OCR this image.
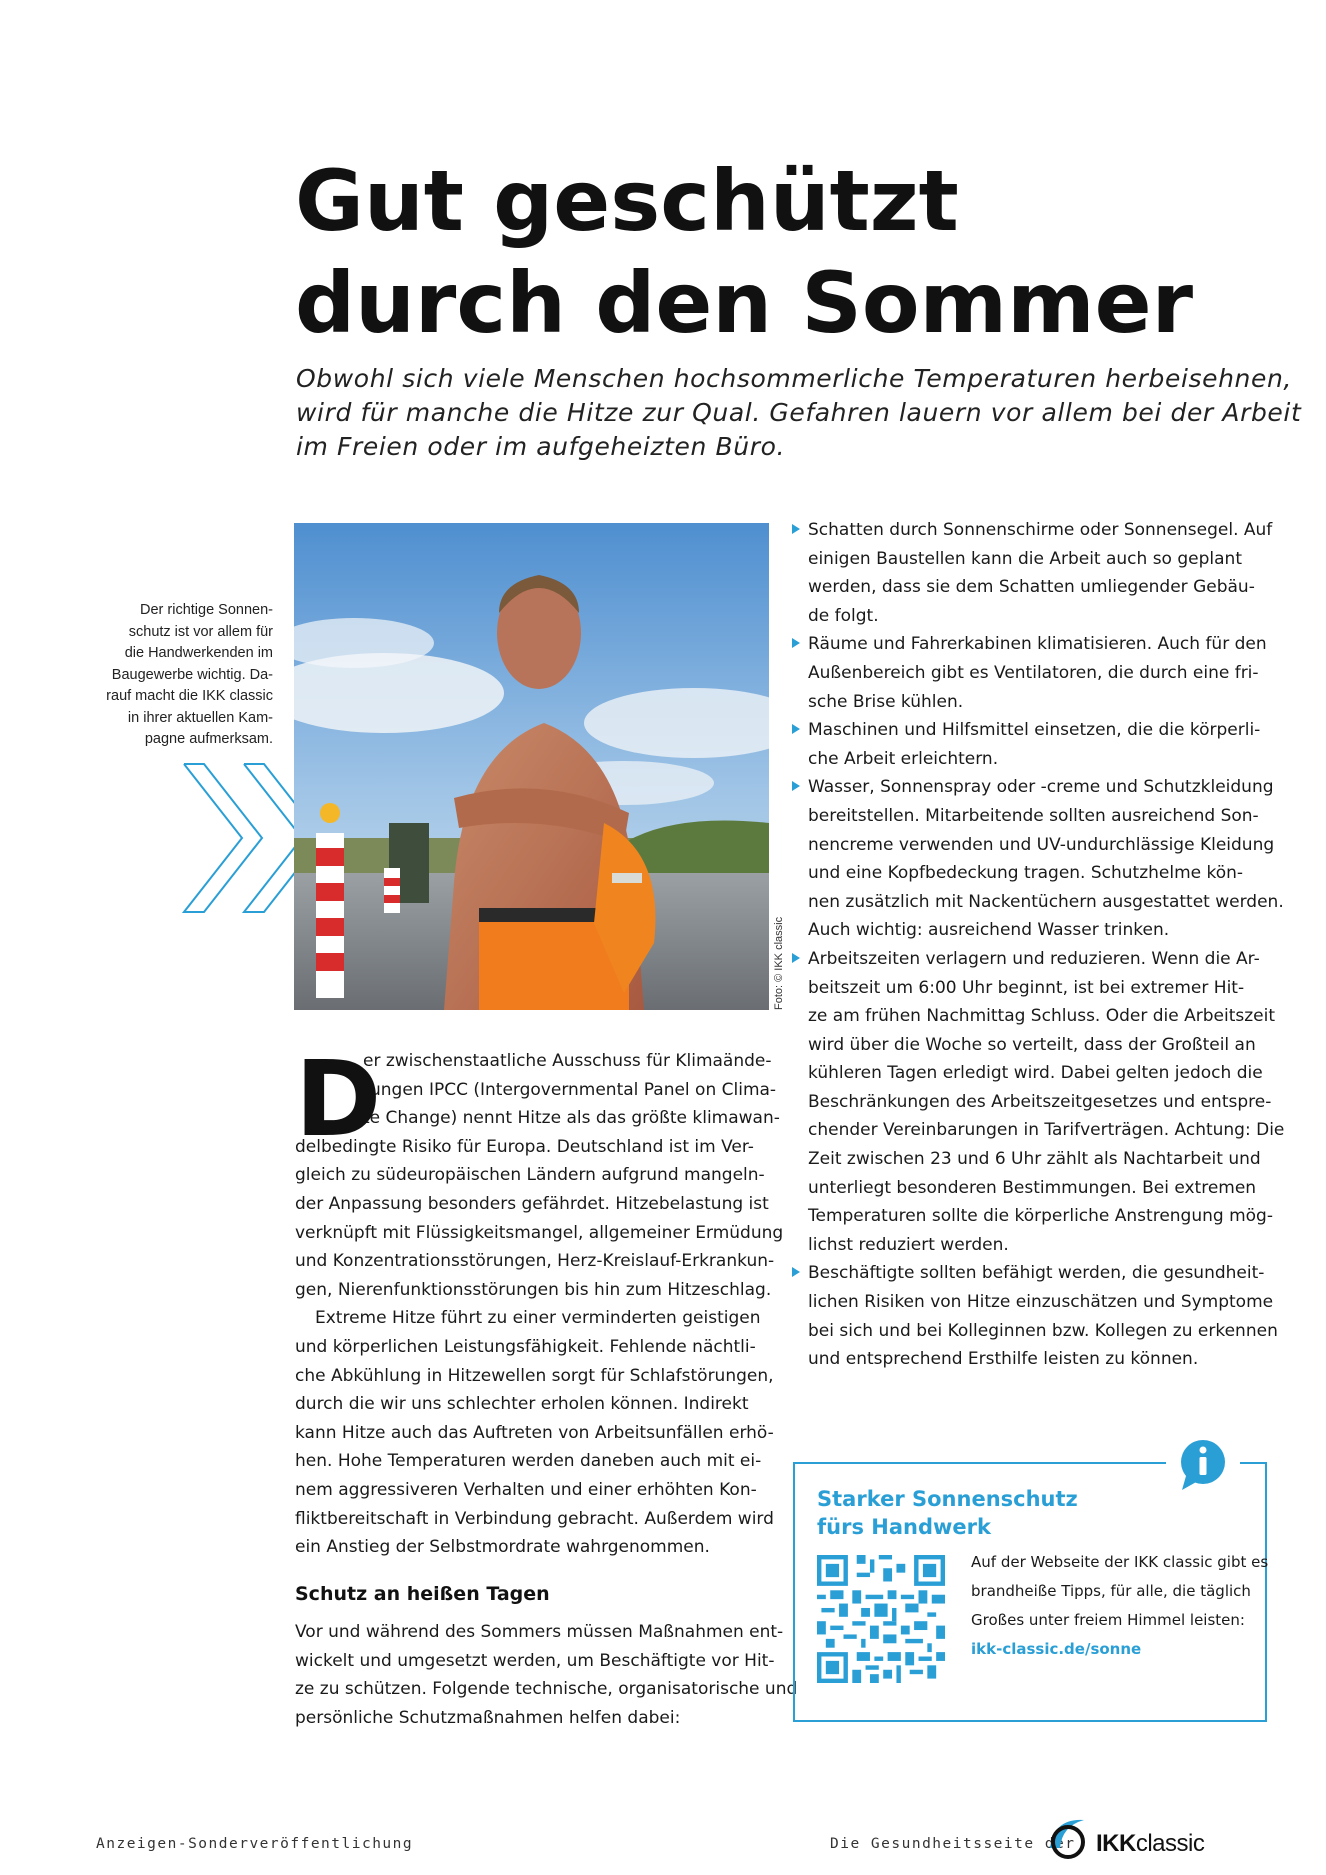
Gut geschützt
durch den Sommer
Obwohl sich viele Menschen hochsommerliche Temperaturen herbeisehnen,
wird für manche die Hitze zur Qual. Gefahren lauern vor allem bei der Arbeit
im Freien oder im aufgeheizten Büro.
Der richtige Sonnen-
schutz ist vor allem für
die Handwerkenden im
Baugewerbe wichtig. Da-
rauf macht die IKK classic
in ihrer aktuellen Kam-
pagne aufmerksam.
Foto: © IKK classic
D
er zwischenstaatliche Ausschuss für Klimaände-
rungen IPCC (Intergovernmental Panel on Clima-
te Change) nennt Hitze als das größte klimawan-
delbedingte Risiko für Europa. Deutschland ist im Ver-
gleich zu südeuropäischen Ländern aufgrund mangeln-
der Anpassung besonders gefährdet. Hitzebelastung ist
verknüpft mit Flüssigkeitsmangel, allgemeiner Ermüdung
und Konzentrationsstörungen, Herz-Kreislauf-Erkrankun-
gen, Nierenfunktionsstörungen bis hin zum Hitzeschlag.
Extreme Hitze führt zu einer verminderten geistigen
und körperlichen Leistungsfähigkeit. Fehlende nächtli-
che Abkühlung in Hitzewellen sorgt für Schlafstörungen,
durch die wir uns schlechter erholen können. Indirekt
kann Hitze auch das Auftreten von Arbeitsunfällen erhö-
hen. Hohe Temperaturen werden daneben auch mit ei-
nem aggressiveren Verhalten und einer erhöhten Kon-
fliktbereitschaft in Verbindung gebracht. Außerdem wird
ein Anstieg der Selbstmordrate wahrgenommen.
Schutz an heißen Tagen
Vor und während des Sommers müssen Maßnahmen ent-
wickelt und umgesetzt werden, um Beschäftigte vor Hit-
ze zu schützen. Folgende technische, organisatorische und
persönliche Schutzmaßnahmen helfen dabei:
Schatten durch Sonnenschirme oder Sonnensegel. Auf
einigen Baustellen kann die Arbeit auch so geplant
werden, dass sie dem Schatten umliegender Gebäu-
de folgt.
Räume und Fahrerkabinen klimatisieren. Auch für den
Außenbereich gibt es Ventilatoren, die durch eine fri-
sche Brise kühlen.
Maschinen und Hilfsmittel einsetzen, die die körperli-
che Arbeit erleichtern.
Wasser, Sonnenspray oder -creme und Schutzkleidung
bereitstellen. Mitarbeitende sollten ausreichend Son-
nencreme verwenden und UV-undurchlässige Kleidung
und eine Kopfbedeckung tragen. Schutzhelme kön-
nen zusätzlich mit Nackentüchern ausgestattet werden.
Auch wichtig: ausreichend Wasser trinken.
Arbeitszeiten verlagern und reduzieren. Wenn die Ar-
beitszeit um 6:00 Uhr beginnt, ist bei extremer Hit-
ze am frühen Nachmittag Schluss. Oder die Arbeitszeit
wird über die Woche so verteilt, dass der Großteil an
kühleren Tagen erledigt wird. Dabei gelten jedoch die
Beschränkungen des Arbeitszeitgesetzes und entspre-
chender Vereinbarungen in Tarifverträgen. Achtung: Die
Zeit zwischen 23 und 6 Uhr zählt als Nachtarbeit und
unterliegt besonderen Bestimmungen. Bei extremen
Temperaturen sollte die körperliche Anstrengung mög-
lichst reduziert werden.
Beschäftigte sollten befähigt werden, die gesundheit-
lichen Risiken von Hitze einzuschätzen und Symptome
bei sich und bei Kolleginnen bzw. Kollegen zu erkennen
und entsprechend Ersthilfe leisten zu können.
Starker Sonnenschutz
fürs Handwerk
Auf der Webseite der IKK classic gibt es
brandheiße Tipps, für alle, die täglich
Großes unter freiem Himmel leisten:
ikk-classic.de/sonne
Anzeigen-Sonderveröffentlichung	Die Gesundheitsseite der IKKclassic
